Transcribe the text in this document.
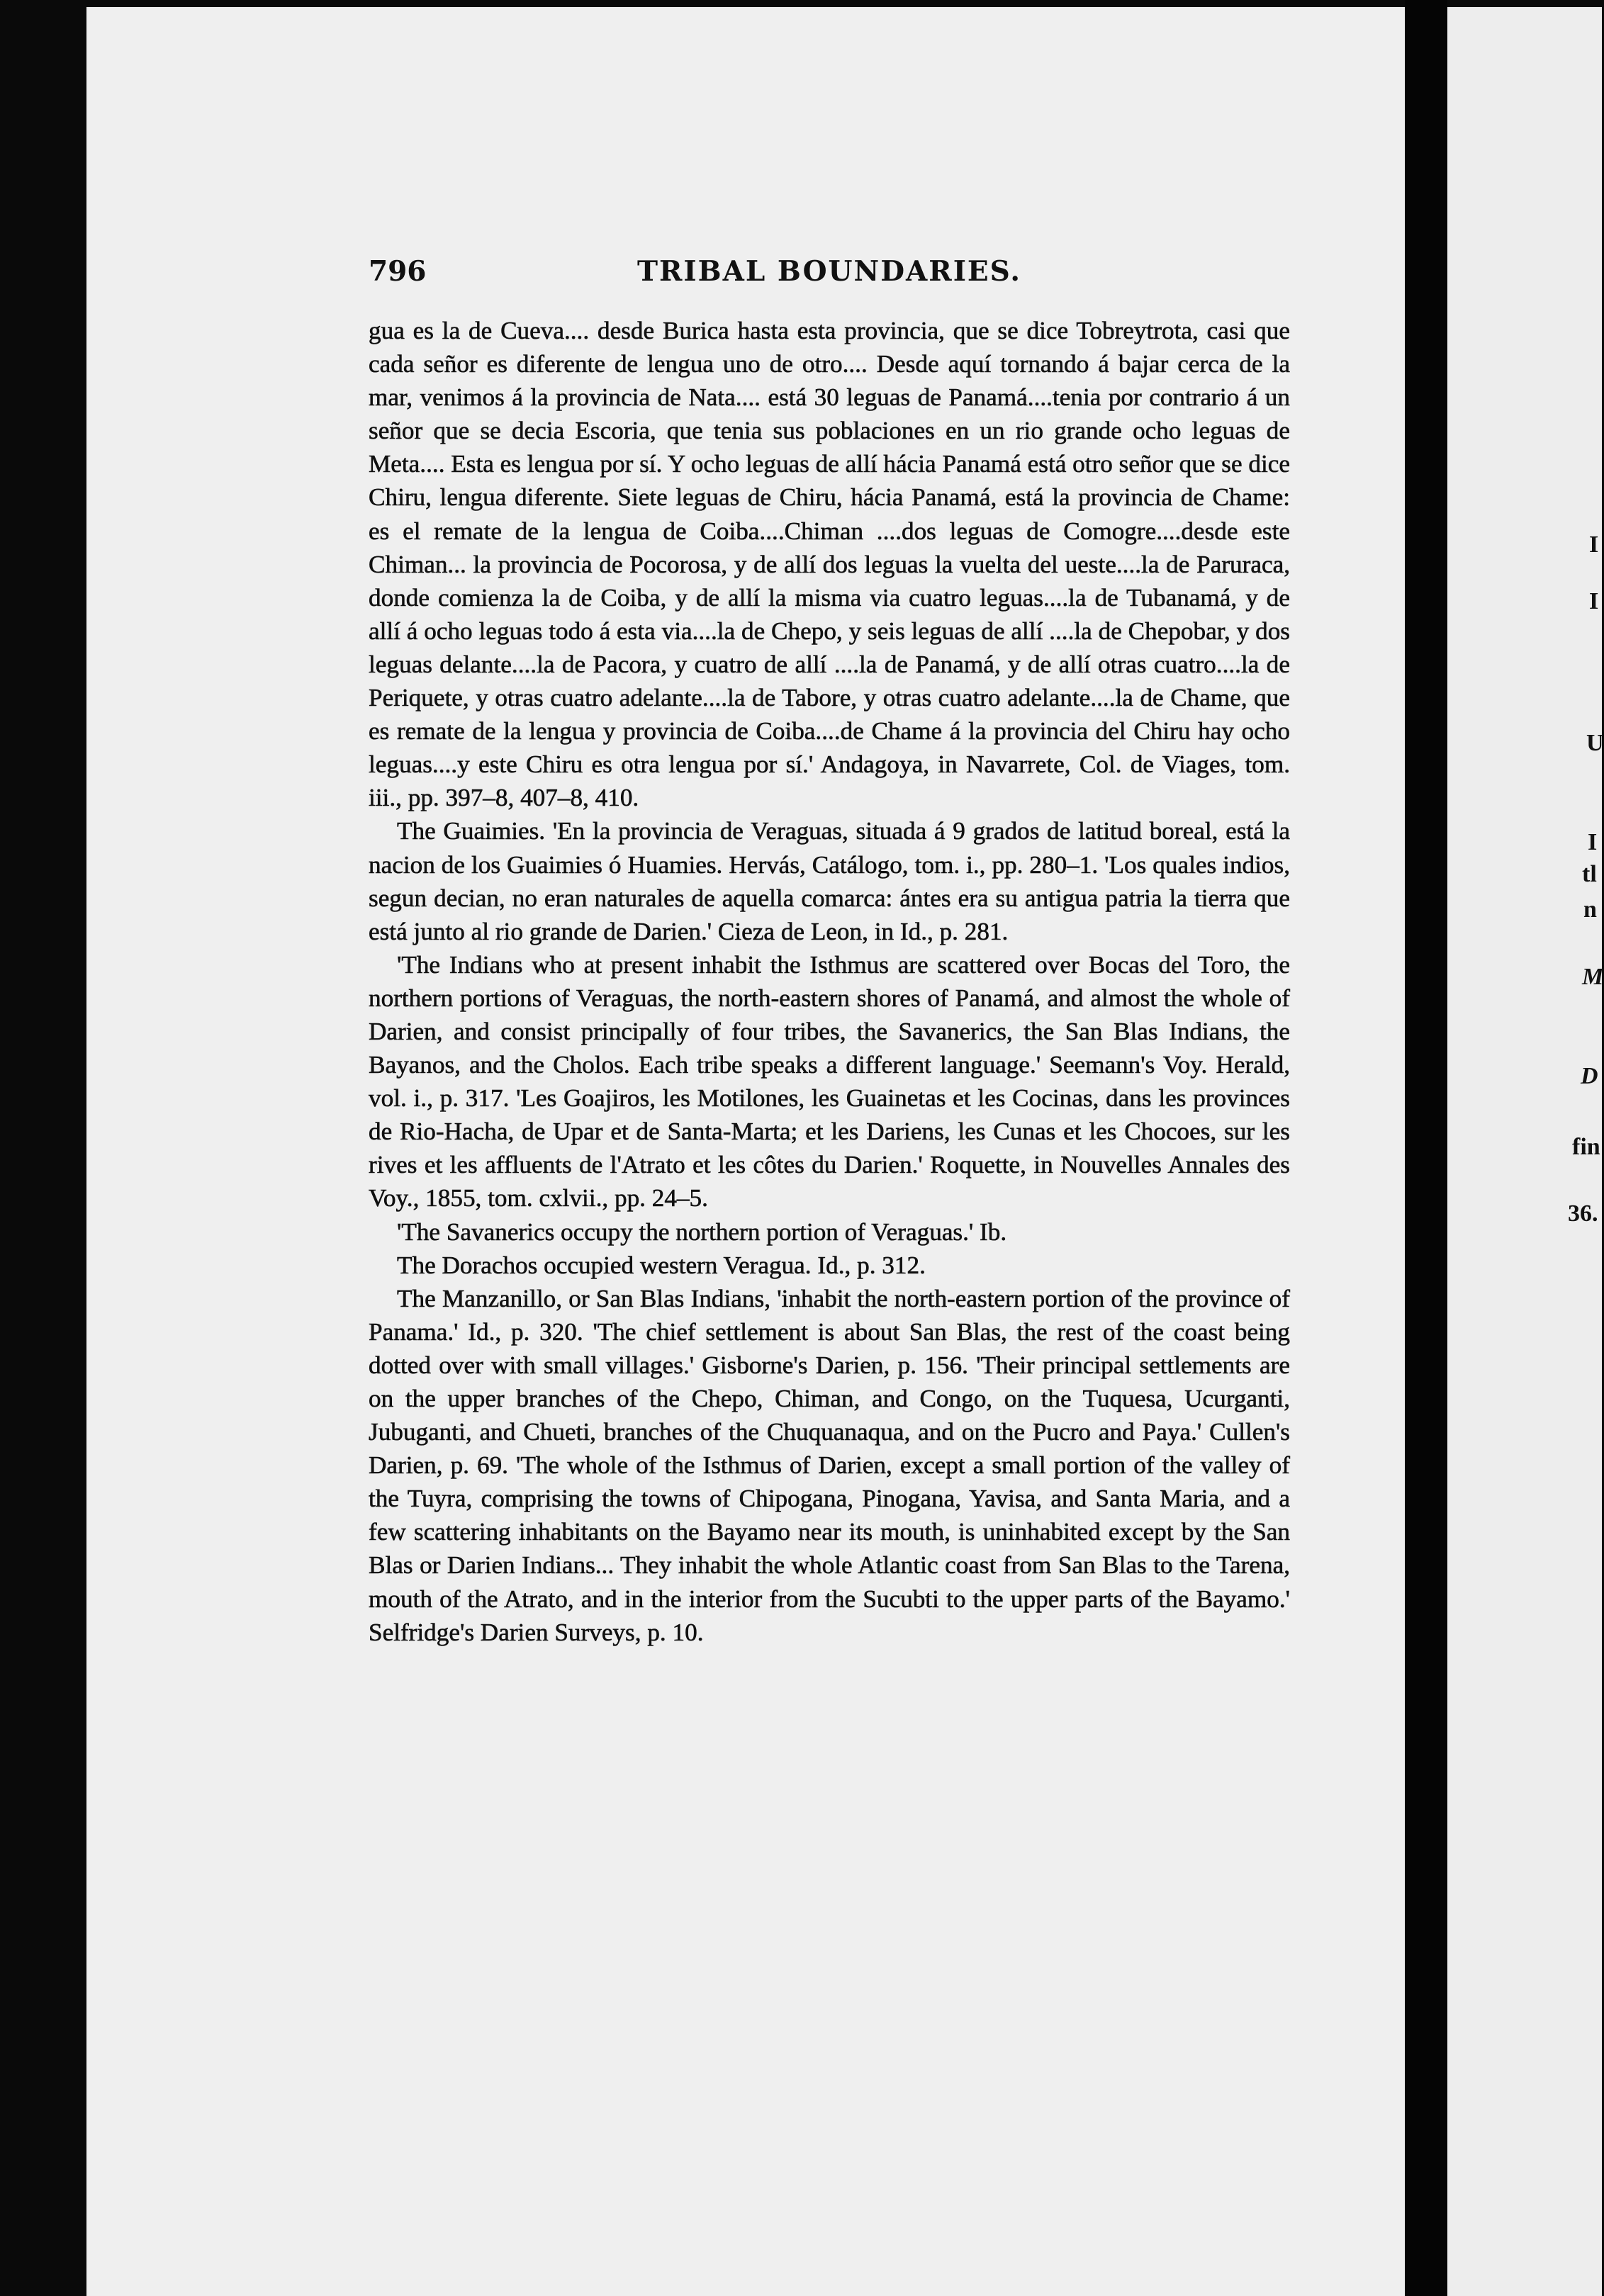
796	TRIBAL BOUNDARIES.

gua es la de Cueva.... desde Burica hasta esta provincia, que se dice Tobreytrota, casi que cada señor es diferente de lengua uno de otro.... Desde aquí tornando á bajar cerca de la mar, venimos á la provincia de Nata.... está 30 leguas de Panamá....tenia por contrario á un señor que se decia Escoria, que tenia sus poblaciones en un rio grande ocho leguas de Meta.... Esta es lengua por sí. Y ocho leguas de allí hácia Panamá está otro señor que se dice Chiru, lengua diferente. Siete leguas de Chiru, hácia Panamá, está la provincia de Chame: es el remate de la lengua de Coiba....Chiman ....dos leguas de Comogre....desde este Chiman... la provincia de Pocorosa, y de allí dos leguas la vuelta del ueste....la de Paruraca, donde comienza la de Coiba, y de allí la misma via cuatro leguas....la de Tubanamá, y de allí á ocho leguas todo á esta via....la de Chepo, y seis leguas de allí ....la de Chepobar, y dos leguas delante....la de Pacora, y cuatro de allí ....la de Panamá, y de allí otras cuatro....la de Periquete, y otras cuatro adelante....la de Tabore, y otras cuatro adelante....la de Chame, que es remate de la lengua y provincia de Coiba....de Chame á la provincia del Chiru hay ocho leguas....y este Chiru es otra lengua por sí.' Andagoya, in Navarrete, Col. de Viages, tom. iii., pp. 397–8, 407–8, 410.

The Guaimies. 'En la provincia de Veraguas, situada á 9 grados de latitud boreal, está la nacion de los Guaimies ó Huamies. Hervás, Catálogo, tom. i., pp. 280–1. 'Los quales indios, segun decian, no eran naturales de aquella comarca: ántes era su antigua patria la tierra que está junto al rio grande de Darien.' Cieza de Leon, in Id., p. 281.

'The Indians who at present inhabit the Isthmus are scattered over Bocas del Toro, the northern portions of Veraguas, the north-eastern shores of Panamá, and almost the whole of Darien, and consist principally of four tribes, the Savanerics, the San Blas Indians, the Bayanos, and the Cholos. Each tribe speaks a different language.' Seemann's Voy. Herald, vol. i., p. 317. 'Les Goajiros, les Motilones, les Guainetas et les Cocinas, dans les provinces de Rio-Hacha, de Upar et de Santa-Marta; et les Dariens, les Cunas et les Chocoes, sur les rives et les affluents de l'Atrato et les côtes du Darien.' Roquette, in Nouvelles Annales des Voy., 1855, tom. cxlvii., pp. 24–5.

'The Savanerics occupy the northern portion of Veraguas.' Ib.

The Dorachos occupied western Veragua. Id., p. 312.

The Manzanillo, or San Blas Indians, 'inhabit the north-eastern portion of the province of Panama.' Id., p. 320. 'The chief settlement is about San Blas, the rest of the coast being dotted over with small villages.' Gisborne's Darien, p. 156. 'Their principal settlements are on the upper branches of the Chepo, Chiman, and Congo, on the Tuquesa, Ucurganti, Jubuganti, and Chueti, branches of the Chuquanaqua, and on the Pucro and Paya.' Cullen's Darien, p. 69. 'The whole of the Isthmus of Darien, except a small portion of the valley of the Tuyra, comprising the towns of Chipogana, Pinogana, Yavisa, and Santa Maria, and a few scattering inhabitants on the Bayamo near its mouth, is uninhabited except by the San Blas or Darien Indians... They inhabit the whole Atlantic coast from San Blas to the Tarena, mouth of the Atrato, and in the interior from the Sucubti to the upper parts of the Bayamo.' Selfridge's Darien Surveys, p. 10.

I
I
U
I
tl
n
M
D
fin
36.
